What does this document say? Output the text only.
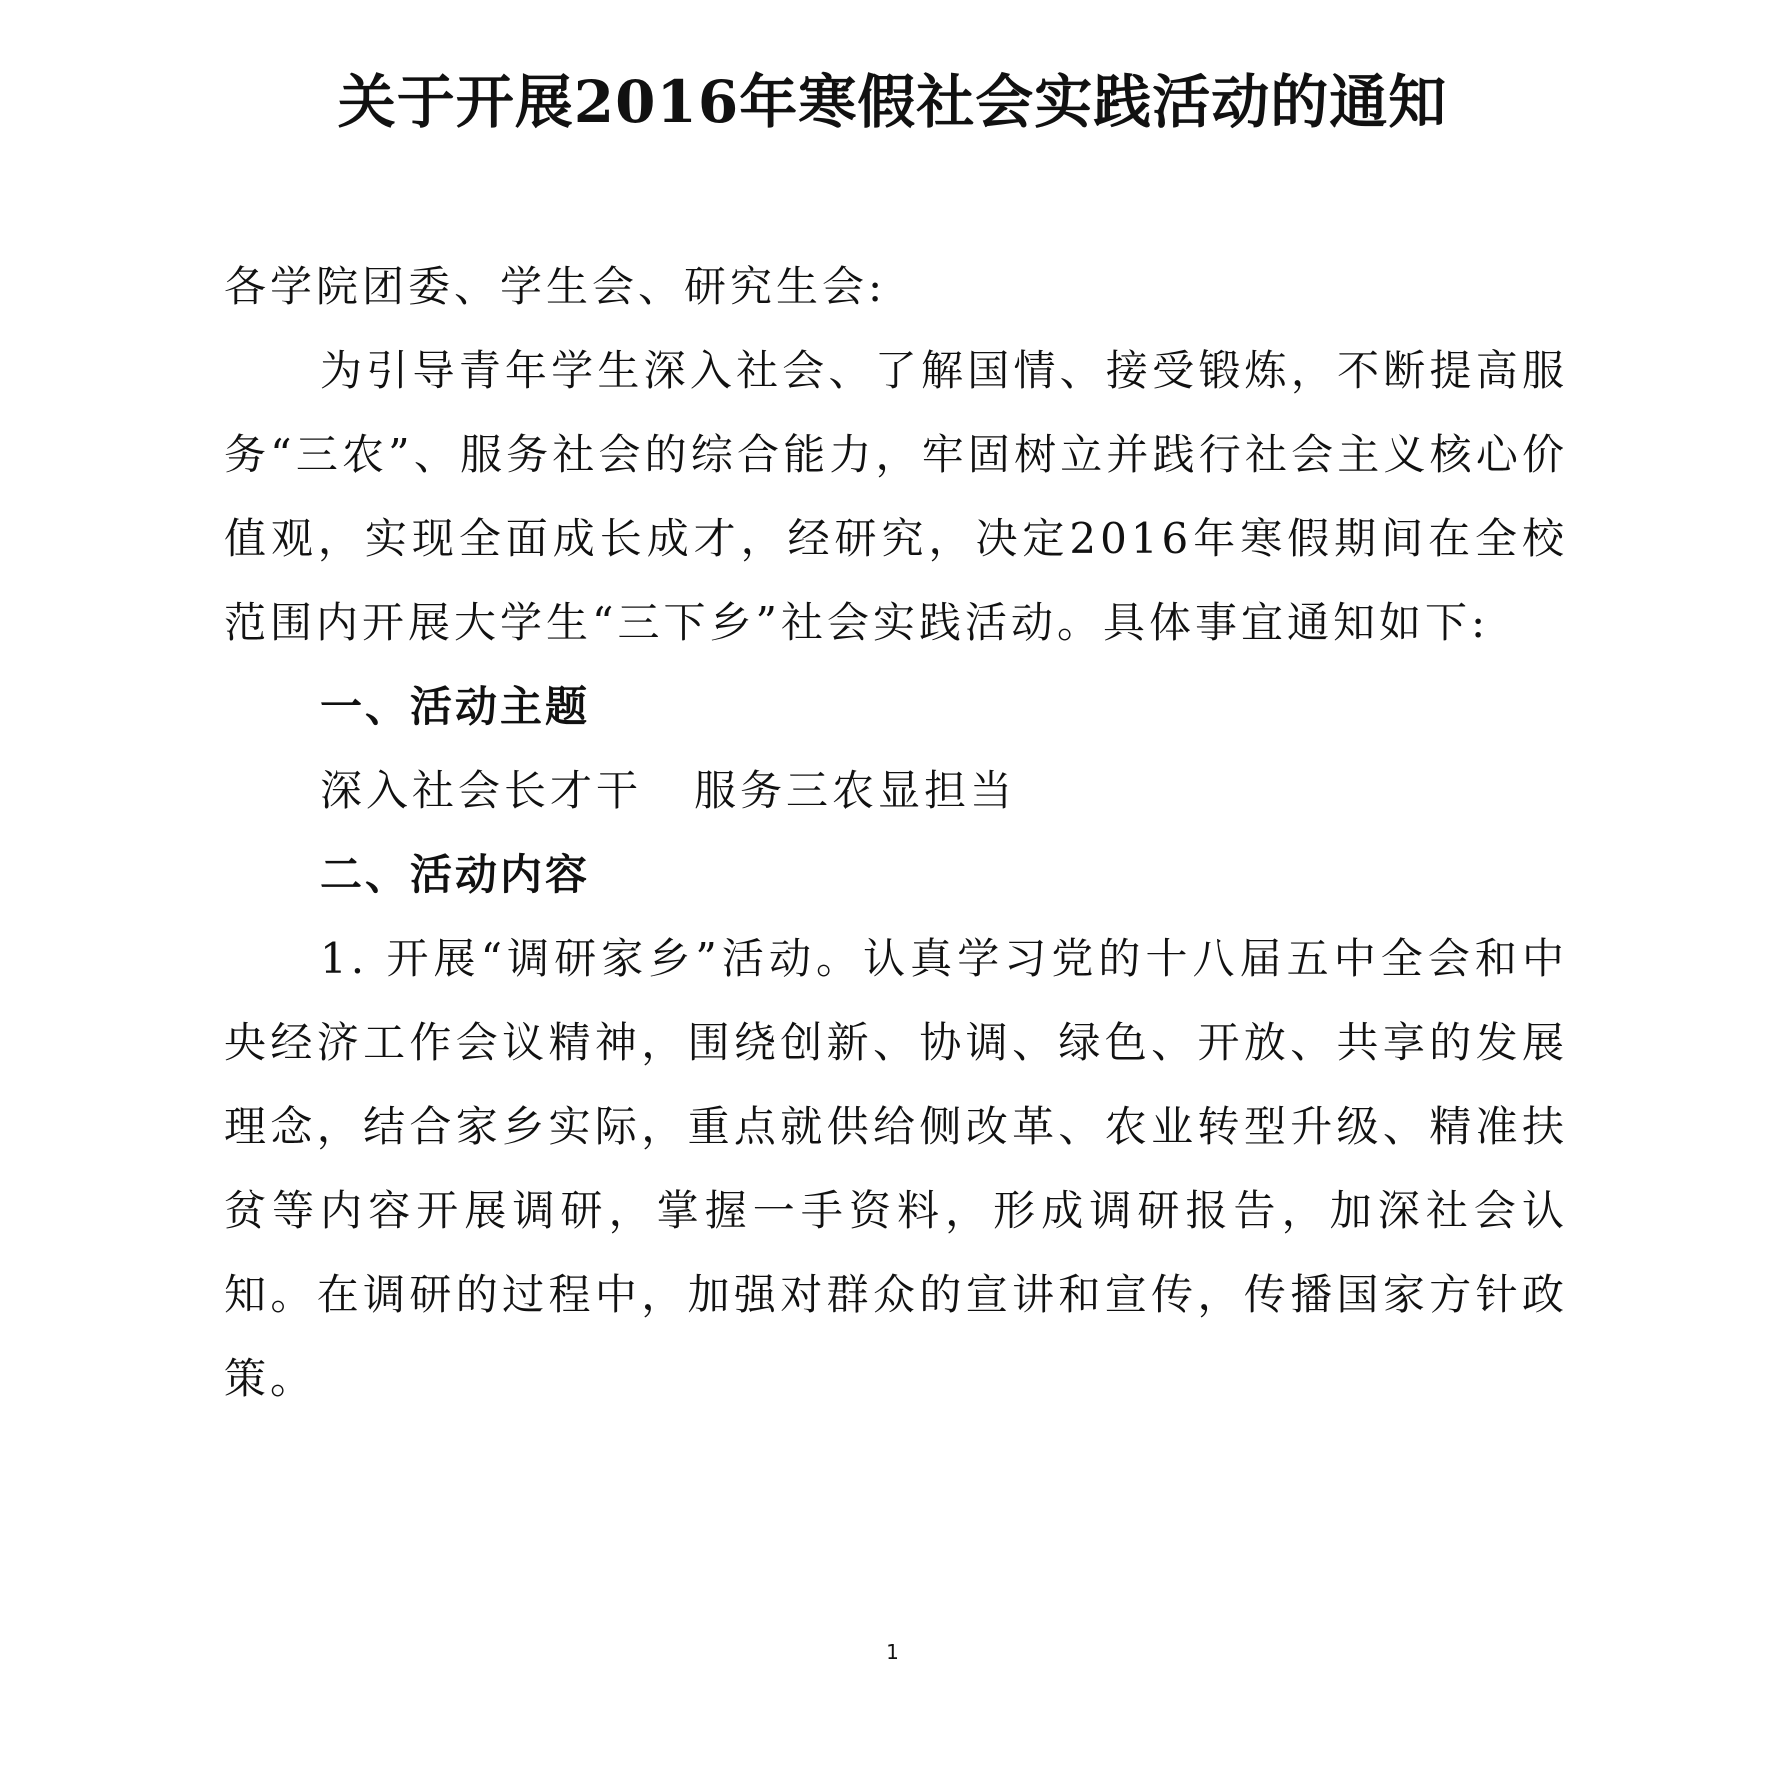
关于开展2016年寒假社会实践活动的通知

各学院团委、学生会、研究生会:

为引导青年学生深入社会、了解国情、接受锻炼，不断提高服务“三农”、服务社会的综合能力，牢固树立并践行社会主义核心价值观，实现全面成长成才，经研究，决定2016年寒假期间在全校范围内开展大学生“三下乡”社会实践活动。具体事宜通知如下:

一、活动主题

深入社会长才干 服务三农显担当

二、活动内容

1. 开展“调研家乡”活动。认真学习党的十八届五中全会和中央经济工作会议精神，围绕创新、协调、绿色、开放、共享的发展理念，结合家乡实际，重点就供给侧改革、农业转型升级、精准扶贫等内容开展调研，掌握一手资料，形成调研报告，加深社会认知。在调研的过程中，加强对群众的宣讲和宣传，传播国家方针政策。

1
